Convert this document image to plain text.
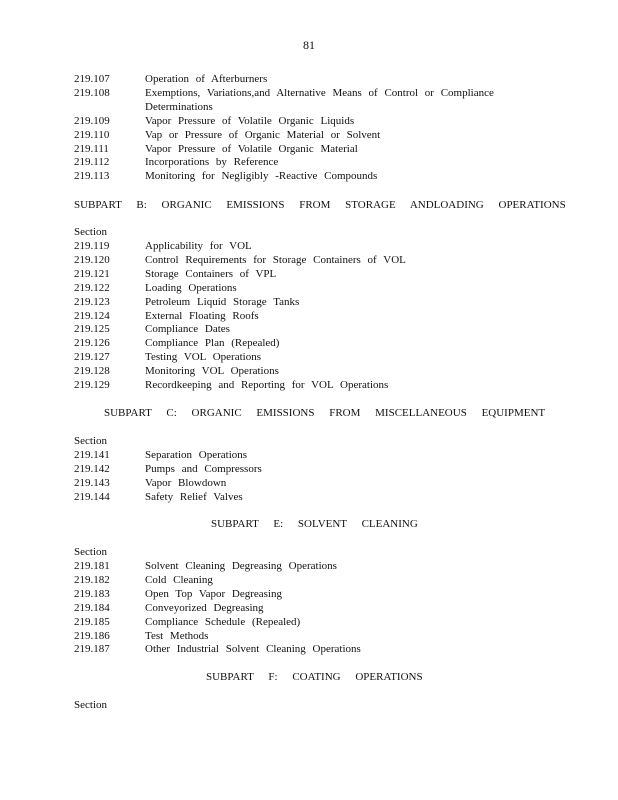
81
219.107	Operation of Afterburners
219.108	Exemptions, Variations,and Alternative Means of Control or Compliance
Determinations
219.109	Vapor Pressure of Volatile Organic Liquids
219.110	Vap or Pressure of Organic Material or Solvent
219.111	Vapor Pressure of Volatile Organic Material
219.112	Incorporations by Reference
219.113	Monitoring for Negligibly -Reactive Compounds
219.119	Applicability for VOL
219.120	Control Requirements for Storage Containers of VOL
219.121	Storage Containers of VPL
219.122	Loading Operations
219.123	Petroleum Liquid Storage Tanks
219.124	External Floating Roofs
219.125	Compliance Dates
219.126	Compliance Plan (Repealed)
219.127	Testing VOL Operations
219.128	Monitoring VOL Operations
219.129	Recordkeeping and Reporting for VOL Operations
219.141	Separation Operations
219.142	Pumps and Compressors
219.143	Vapor Blowdown
219.144	Safety Relief Valves
219.181	Solvent Cleaning Degreasing Operations
219.182	Cold Cleaning
219.183	Open Top Vapor Degreasing
219.184	Conveyorized Degreasing
219.185	Compliance Schedule (Repealed)
219.186	Test Methods
219.187	Other Industrial Solvent Cleaning Operations
SUBPART B: ORGANIC EMISSIONS FROM STORAGE ANDLOADING OPERATIONS
Section
SUBPART C: ORGANIC EMISSIONS FROM MISCELLANEOUS EQUIPMENT
Section
SUBPART E: SOLVENT CLEANING
Section
SUBPART F: COATING OPERATIONS
Section
